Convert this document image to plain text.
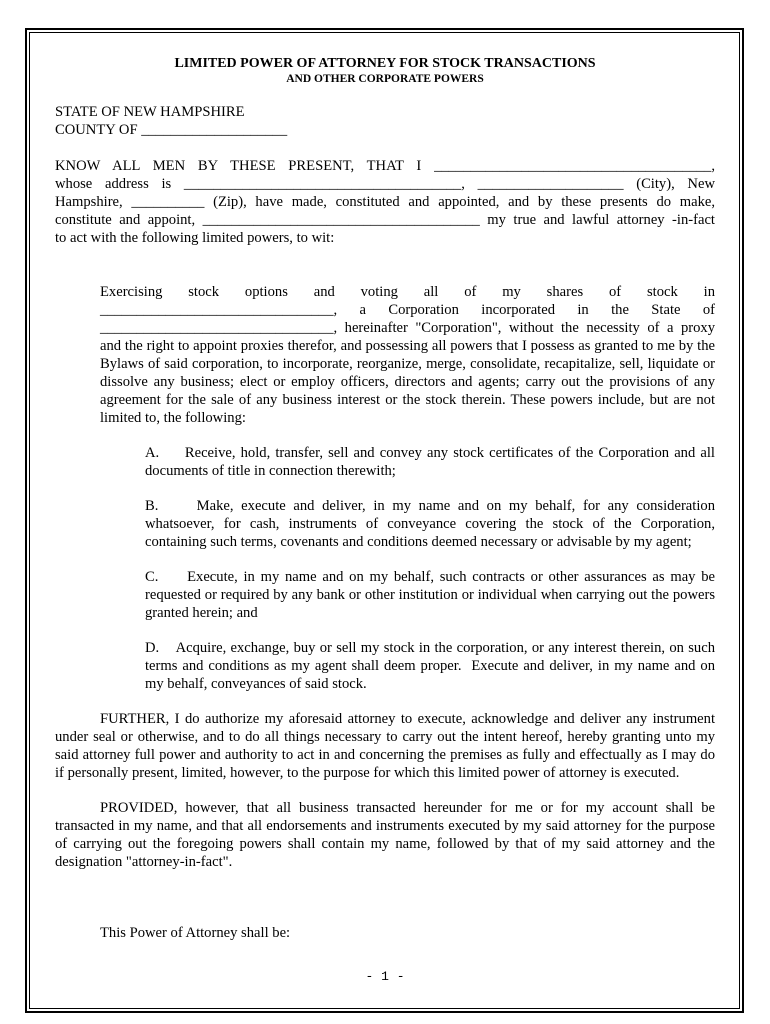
LIMITED POWER OF ATTORNEY FOR STOCK TRANSACTIONS

AND OTHER CORPORATE POWERS

STATE OF NEW HAMPSHIRE

COUNTY OF ____________________

KNOW ALL MEN BY THESE PRESENT, THAT I ______________________________________,

whose address is ______________________________________, ____________________ (City), New

Hampshire, __________ (Zip), have made, constituted and appointed, and by these presents do make,

constitute and appoint, ______________________________________ my true and lawful attorney -in-fact

to act with the following limited powers, to wit:

Exercising stock options and voting all of my shares of stock in

________________________________, a Corporation incorporated in the State of

________________________________, hereinafter "Corporation", without the necessity of a proxy

and the right to appoint proxies therefor, and possessing all powers that I possess as granted to me by the Bylaws of said corporation, to incorporate, reorganize, merge, consolidate, recapitalize, sell, liquidate or dissolve any business; elect or employ officers, directors and agents; carry out the provisions of any agreement for the sale of any business interest or the stock therein. These powers include, but are not limited to, the following:

A.     Receive, hold, transfer, sell and convey any stock certificates of the Corporation and all documents of title in connection therewith;

B.     Make, execute and deliver, in my name and on my behalf, for any consideration whatsoever, for cash, instruments of conveyance covering the stock of the Corporation, containing such terms, covenants and conditions deemed necessary or advisable by my agent;

C.     Execute, in my name and on my behalf, such contracts or other assurances as may be requested or required by any bank or other institution or individual when carrying out the powers granted herein; and

D.    Acquire, exchange, buy or sell my stock in the corporation, or any interest therein, on such terms and conditions as my agent shall deem proper.  Execute and deliver, in my name and on my behalf, conveyances of said stock.

FURTHER, I do authorize my aforesaid attorney to execute, acknowledge and deliver any instrument under seal or otherwise, and to do all things necessary to carry out the intent hereof, hereby granting unto my said attorney full power and authority to act in and concerning the premises as fully and effectually as I may do if personally present, limited, however, to the purpose for which this limited power of attorney is executed.

PROVIDED, however, that all business transacted hereunder for me or for my account shall be transacted in my name, and that all endorsements and instruments executed by my said attorney for the purpose of carrying out the foregoing powers shall contain my name, followed by that of my said attorney and the designation "attorney-in-fact".

This Power of Attorney shall be:

- 1 -
